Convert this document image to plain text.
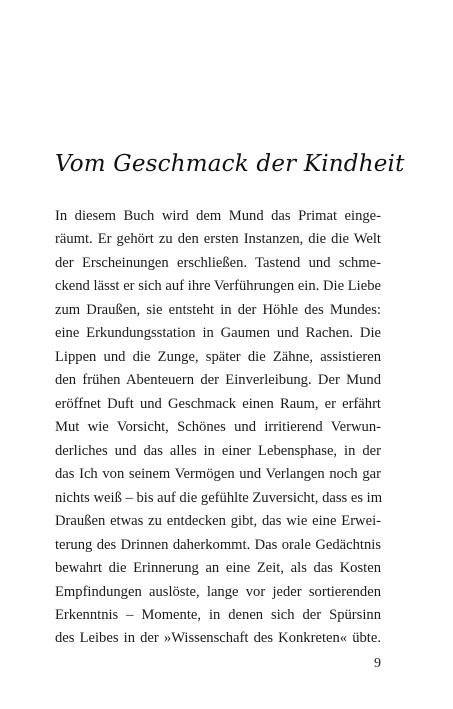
Vom Geschmack der Kindheit
In diesem Buch wird dem Mund das Primat einge-
räumt. Er gehört zu den ersten Instanzen, die die Welt
der Erscheinungen erschließen. Tastend und schme-
ckend lässt er sich auf ihre Verführungen ein. Die Liebe
zum Draußen, sie entsteht in der Höhle des Mundes:
eine Erkundungsstation in Gaumen und Rachen. Die
Lippen und die Zunge, später die Zähne, assistieren
den frühen Abenteuern der Einverleibung. Der Mund
eröffnet Duft und Geschmack einen Raum, er erfährt
Mut wie Vorsicht, Schönes und irritierend Verwun-
derliches und das alles in einer Lebensphase, in der
das Ich von seinem Vermögen und Verlangen noch gar
nichts weiß – bis auf die gefühlte Zuversicht, dass es im
Draußen etwas zu entdecken gibt, das wie eine Erwei-
terung des Drinnen daherkommt. Das orale Gedächtnis
bewahrt die Erinnerung an eine Zeit, als das Kosten
Empfindungen auslöste, lange vor jeder sortierenden
Erkenntnis – Momente, in denen sich der Spürsinn
des Leibes in der »Wissenschaft des Konkreten« übte.

9
